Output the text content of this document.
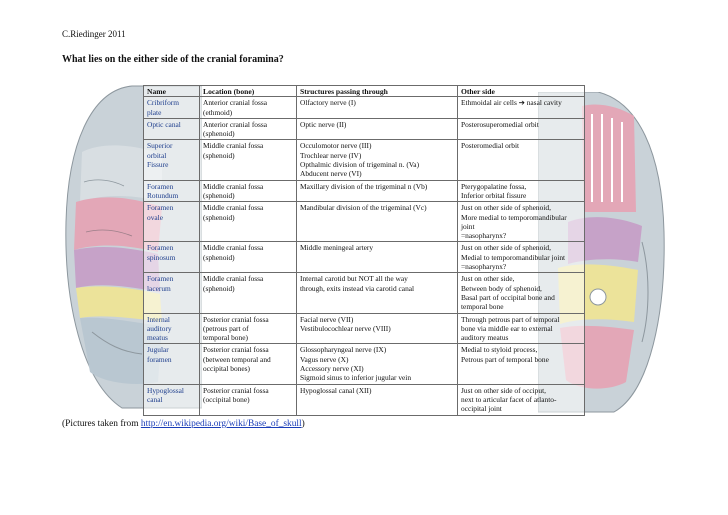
C.Riedinger 2011
What lies on the either side of the cranial foramina?
Name	Location (bone)	Structures passing through	Other side

Cribriform
plate	Anterior cranial fossa
(ethmoid)	Olfactory nerve (I)	Ethmoidal air cells ➔ nasal cavity

Optic canal	Anterior cranial fossa
(sphenoid)	Optic nerve (II)	Posterosuperomedial orbit

Superior
orbital
Fissure	Middle cranial fossa
(sphenoid)	Occulomotor nerve (III)
Trochlear nerve (IV)
Opthalmic division of trigeminal n. (Va)
Abducent nerve (VI)	Posteromedial orbit

Foramen
Rotundum	Middle cranial fossa
(sphenoid)	Maxillary division of the trigeminal n (Vb)	Pterygopalatine fossa,
Inferior orbital fissure

Foramen
ovale	Middle cranial fossa
(sphenoid)	Mandibular division of the trigeminal (Vc)	Just on other side of sphenoid,
More medial to temporomandibular
joint
=nasopharynx?

Foramen
spinosum	Middle cranial fossa
(sphenoid)	Middle meningeal artery	Just on other side of sphenoid,
Medial to temporomandibular joint
=nasopharynx?

Foramen
lacerum	Middle cranial fossa
(sphenoid)	Internal carotid but NOT all the way
through, exits instead via carotid canal	Just on other side,
Between body of sphenoid,
Basal part of occipital bone and
temporal bone

Internal
auditory
meatus	Posterior cranial fossa
(petrous part of
temporal bone)	Facial nerve (VII)
Vestibulocochlear nerve (VIII)	Through petrous part of temporal
bone via middle ear to external
auditory meatus

Jugular
foramen	Posterior cranial fossa
(between temporal and
occipital bones)	Glossopharyngeal nerve (IX)
Vagus nerve (X)
Accessory nerve (XI)
Sigmoid sinus to inferior jugular vein	Medial to styloid process,
Petrous part of temporal bone

Hypoglossal
canal	Posterior cranial fossa
(occipital bone)	Hypoglossal canal (XII)	Just on other side of occiput,
next to articular facet of atlanto-
occipital joint
(Pictures taken from http://en.wikipedia.org/wiki/Base_of_skull)
